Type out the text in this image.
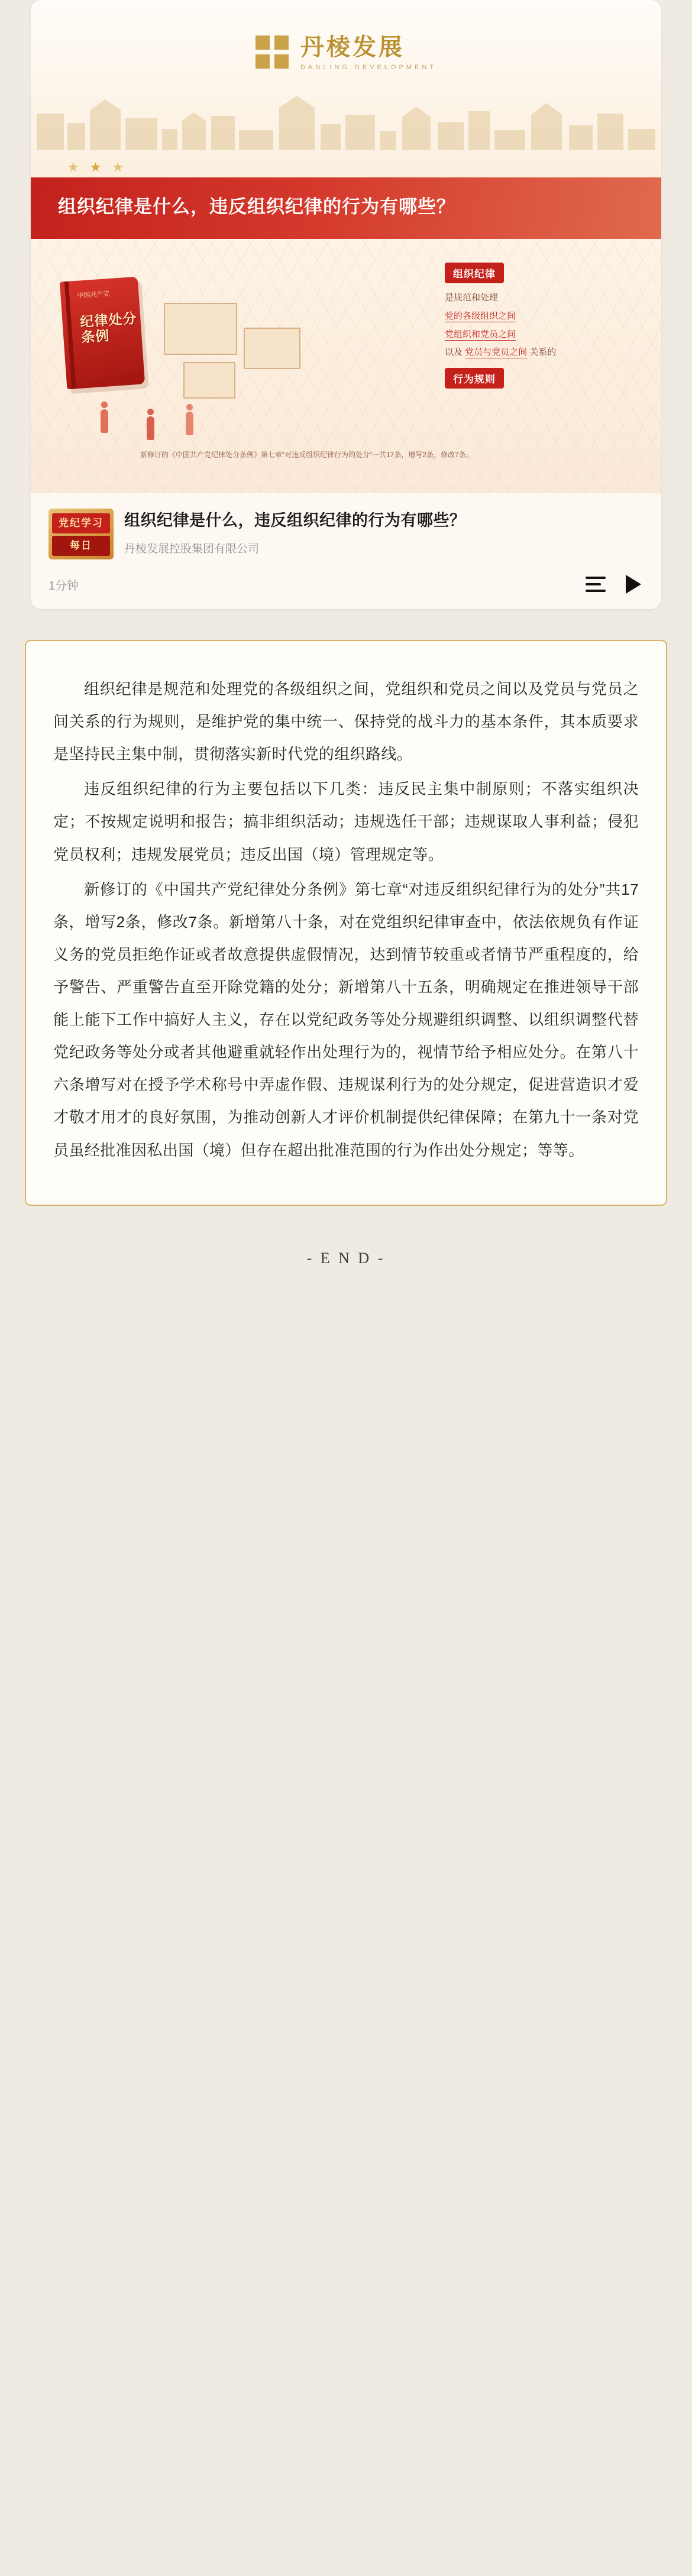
丹棱发展
DANLING DEVELOPMENT
★ ★ ★
组织纪律是什么，违反组织纪律的行为有哪些？
中国共产党
纪律处分条例
组织纪律
是规范和处理
党的各级组织之间
党组织和党员之间
以及 党员与党员之间 关系的
行为规则
新修订的《中国共产党纪律处分条例》第七章“对违反组织纪律行为的处分”一共17条，增写2条，修改7条。
党纪学习
每日
组织纪律是什么，违反组织纪律的行为有哪些？
丹棱发展控股集团有限公司
1分钟

组织纪律是规范和处理党的各级组织之间，党组织和党员之间以及党员与党员之间关系的行为规则，是维护党的集中统一、保持党的战斗力的基本条件，其本质要求是坚持民主集中制，贯彻落实新时代党的组织路线。

违反组织纪律的行为主要包括以下几类：违反民主集中制原则；不落实组织决定；不按规定说明和报告；搞非组织活动；违规选任干部；违规谋取人事利益；侵犯党员权利；违规发展党员；违反出国（境）管理规定等。

新修订的《中国共产党纪律处分条例》第七章“对违反组织纪律行为的处分”共17条，增写2条，修改7条。新增第八十条，对在党组织纪律审查中，依法依规负有作证义务的党员拒绝作证或者故意提供虚假情况，达到情节较重或者情节严重程度的，给予警告、严重警告直至开除党籍的处分；新增第八十五条，明确规定在推进领导干部能上能下工作中搞好人主义，存在以党纪政务等处分规避组织调整、以组织调整代替党纪政务等处分或者其他避重就轻作出处理行为的，视情节给予相应处分。在第八十六条增写对在授予学术称号中弄虚作假、违规谋利行为的处分规定，促进营造识才爱才敬才用才的良好氛围，为推动创新人才评价机制提供纪律保障；在第九十一条对党员虽经批准因私出国（境）但存在超出批准范围的行为作出处分规定；等等。

- E N D -
